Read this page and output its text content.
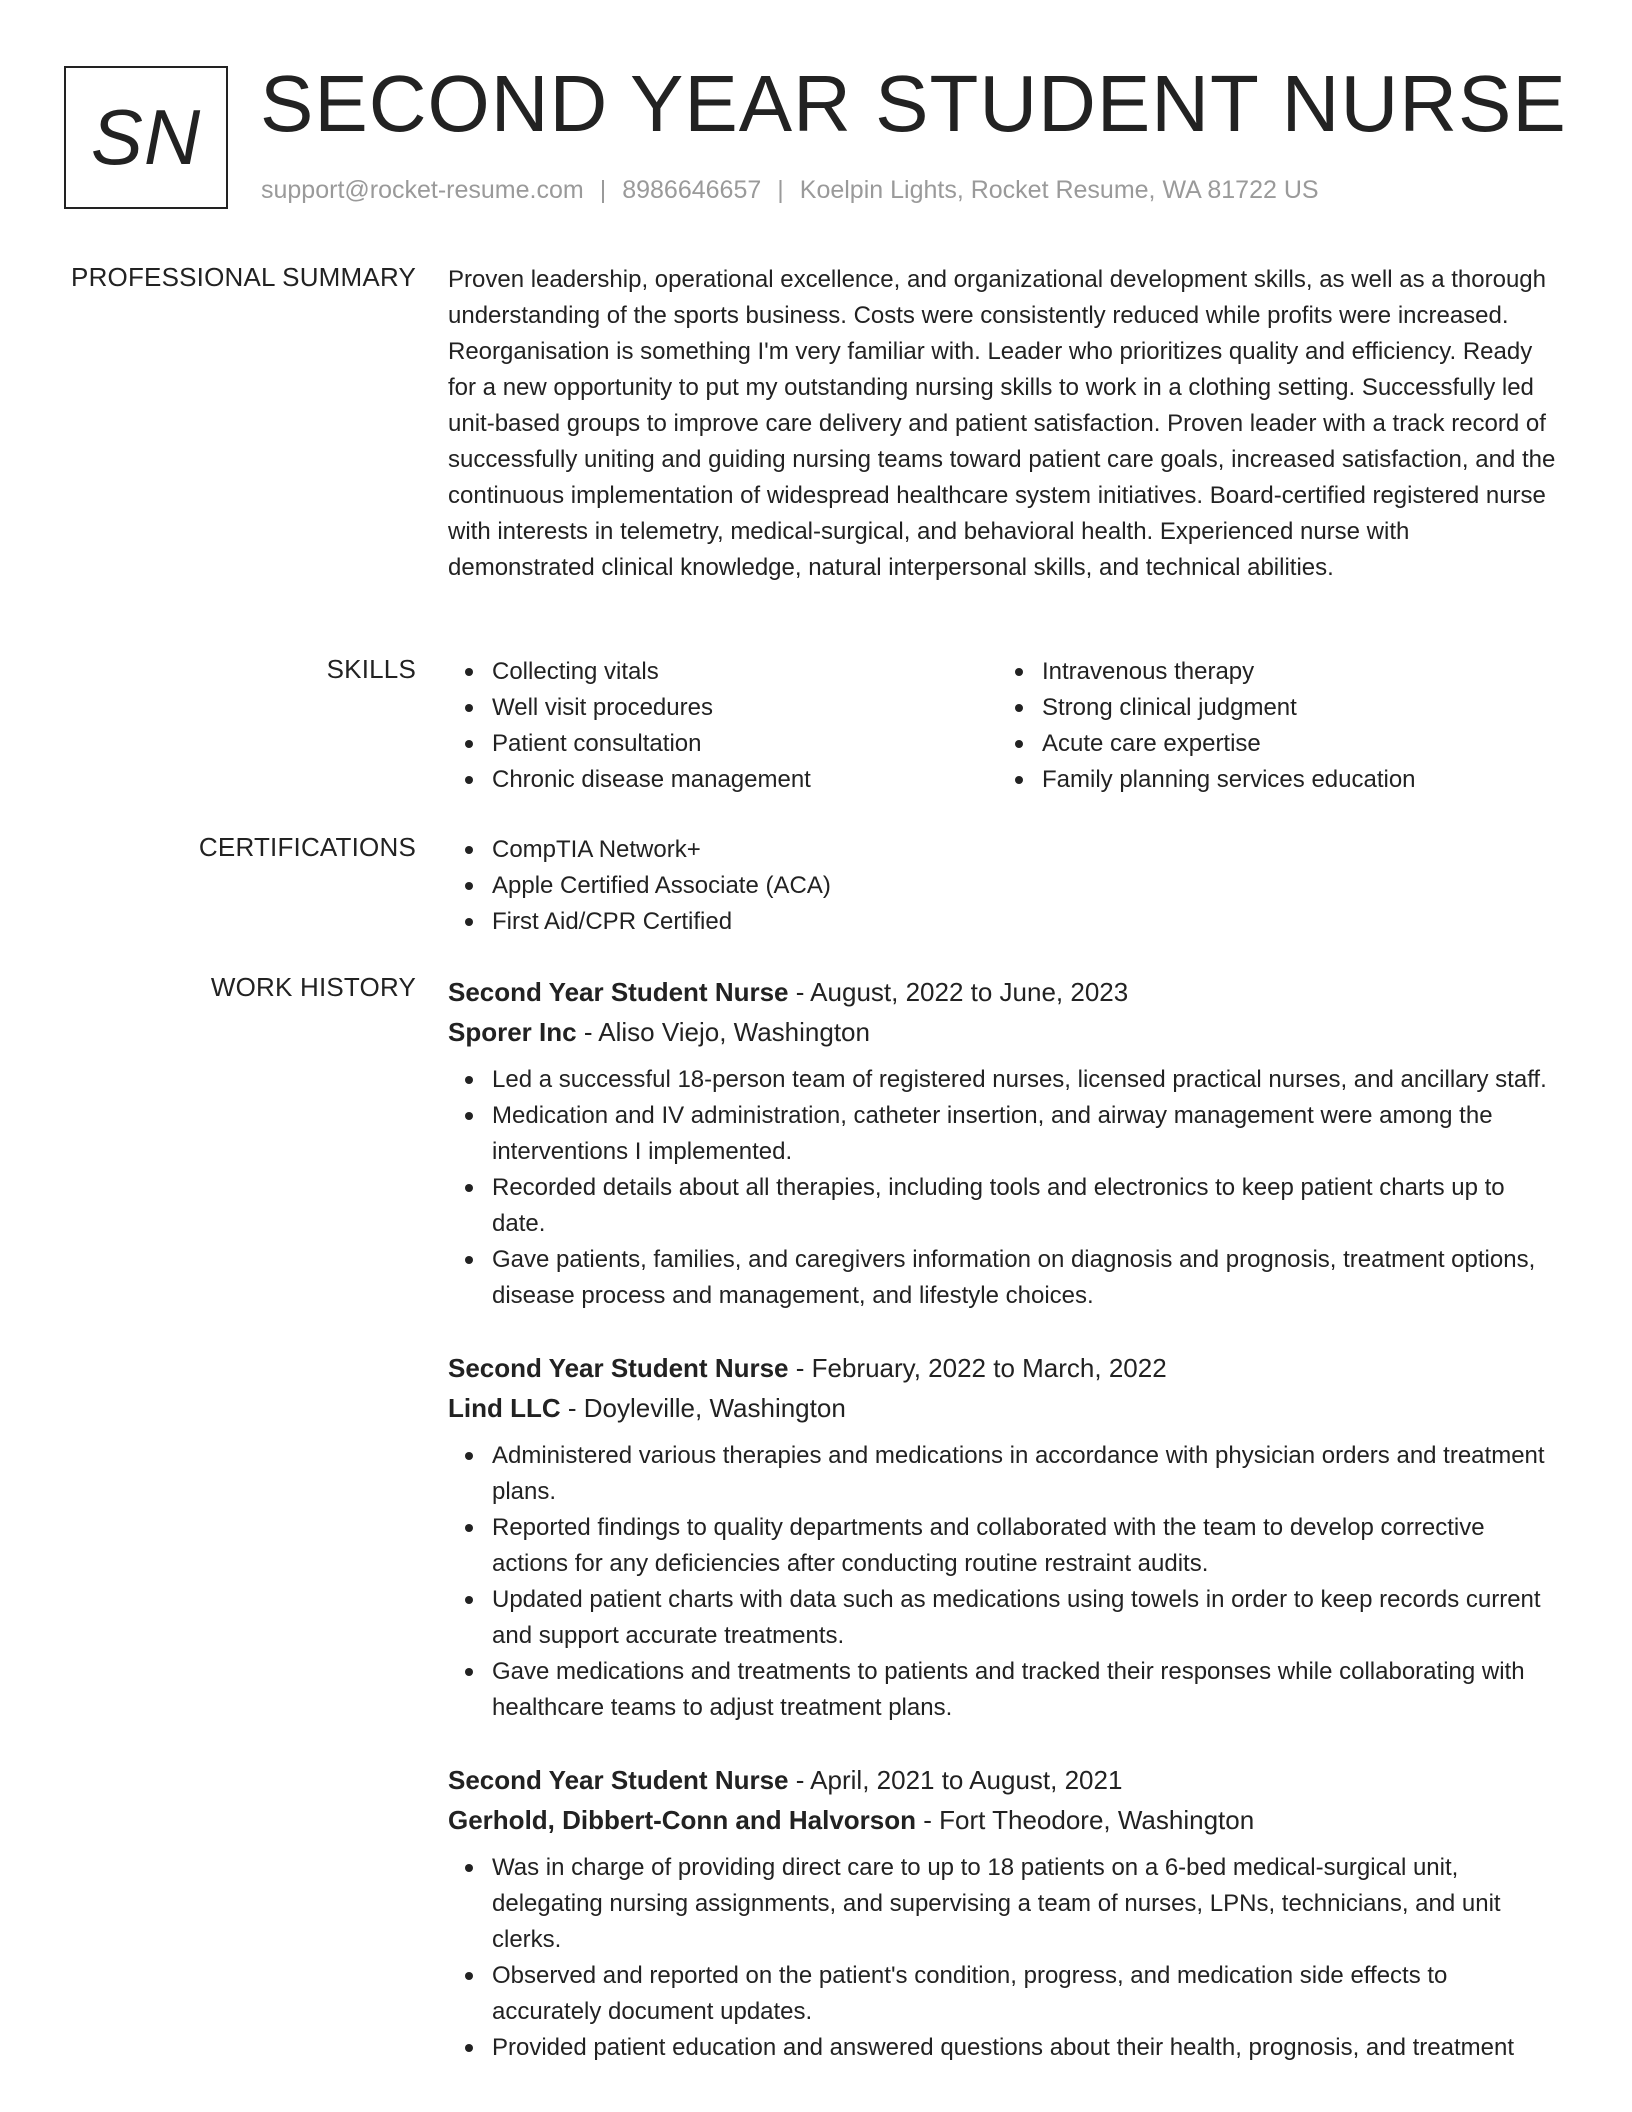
SN SECOND YEAR STUDENT NURSE
support@rocket-resume.com | 8986646657 | Koelpin Lights, Rocket Resume, WA 81722 US
PROFESSIONAL SUMMARY Proven leadership, operational excellence, and organizational development skills, as well as a thorough understanding of the sports business. Costs were consistently reduced while profits were increased. Reorganisation is something I'm very familiar with. Leader who prioritizes quality and efficiency. Ready for a new opportunity to put my outstanding nursing skills to work in a clothing setting. Successfully led unit-based groups to improve care delivery and patient satisfaction. Proven leader with a track record of successfully uniting and guiding nursing teams toward patient care goals, increased satisfaction, and the continuous implementation of widespread healthcare system initiatives. Board-certified registered nurse with interests in telemetry, medical-surgical, and behavioral health. Experienced nurse with demonstrated clinical knowledge, natural interpersonal skills, and technical abilities.
SKILLS	Collecting vitals
Well visit procedures
Patient consultation
Chronic disease management
Intravenous therapy
Strong clinical judgment
Acute care expertise
Family planning services education
CERTIFICATIONS	CompTIA Network+
Apple Certified Associate (ACA)
First Aid/CPR Certified
WORK HISTORY Second Year Student Nurse - August, 2022 to June, 2023
Sporer Inc - Aliso Viejo, Washington
Led a successful 18-person team of registered nurses, licensed practical nurses, and ancillary staff.
Medication and IV administration, catheter insertion, and airway management were among the interventions I implemented.
Recorded details about all therapies, including tools and electronics to keep patient charts up to date.
Gave patients, families, and caregivers information on diagnosis and prognosis, treatment options, disease process and management, and lifestyle choices.
Second Year Student Nurse - February, 2022 to March, 2022
Lind LLC - Doyleville, Washington
Administered various therapies and medications in accordance with physician orders and treatment plans.
Reported findings to quality departments and collaborated with the team to develop corrective actions for any deficiencies after conducting routine restraint audits.
Updated patient charts with data such as medications using towels in order to keep records current and support accurate treatments.
Gave medications and treatments to patients and tracked their responses while collaborating with healthcare teams to adjust treatment plans.
Second Year Student Nurse - April, 2021 to August, 2021
Gerhold, Dibbert-Conn and Halvorson - Fort Theodore, Washington
Was in charge of providing direct care to up to 18 patients on a 6-bed medical-surgical unit, delegating nursing assignments, and supervising a team of nurses, LPNs, technicians, and unit clerks.
Observed and reported on the patient's condition, progress, and medication side effects to accurately document updates.
Provided patient education and answered questions about their health, prognosis, and treatment
